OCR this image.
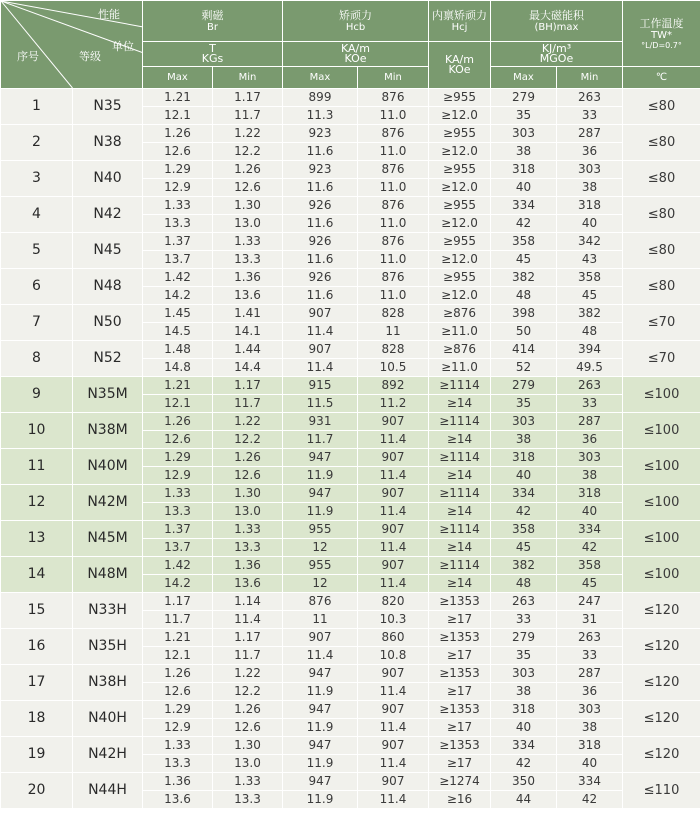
性能
单位
序号 等级		剩磁
Br		矫顽力
Hcb		内禀矫顽力
Hcj	最大磁能积
(BH)max		工作温度
TW*
°L/D=0.7°

		T
KGs		KA/m
KOe		KA/m
KOe	KJ/m³
MGOe		

		Max	Min	Max	Min		Max	Min	℃
1	N35	1.21	1.17	899	876	≥955	279	263	≤80
		12.1	11.7	11.3	11.0	≥12.0	35	33	
2	N38	1.26	1.22	923	876	≥955	303	287	≤80
		12.6	12.2	11.6	11.0	≥12.0	38	36	
3	N40	1.29	1.26	923	876	≥955	318	303	≤80
		12.9	12.6	11.6	11.0	≥12.0	40	38	
4	N42	1.33	1.30	926	876	≥955	334	318	≤80
		13.3	13.0	11.6	11.0	≥12.0	42	40	
5	N45	1.37	1.33	926	876	≥955	358	342	≤80
		13.7	13.3	11.6	11.0	≥12.0	45	43	
6	N48	1.42	1.36	926	876	≥955	382	358	≤80
		14.2	13.6	11.6	11.0	≥12.0	48	45	
7	N50	1.45	1.41	907	828	≥876	398	382	≤70
		14.5	14.1	11.4	11	≥11.0	50	48	
8	N52	1.48	1.44	907	828	≥876	414	394	≤70
		14.8	14.4	11.4	10.5	≥11.0	52	49.5	
9	N35M	1.21	1.17	915	892	≥1114	279	263	≤100
		12.1	11.7	11.5	11.2	≥14	35	33	
10	N38M	1.26	1.22	931	907	≥1114	303	287	≤100
		12.6	12.2	11.7	11.4	≥14	38	36	
11	N40M	1.29	1.26	947	907	≥1114	318	303	≤100
		12.9	12.6	11.9	11.4	≥14	40	38	
12	N42M	1.33	1.30	947	907	≥1114	334	318	≤100
		13.3	13.0	11.9	11.4	≥14	42	40	
13	N45M	1.37	1.33	955	907	≥1114	358	334	≤100
		13.7	13.3	12	11.4	≥14	45	42	
14	N48M	1.42	1.36	955	907	≥1114	382	358	≤100
		14.2	13.6	12	11.4	≥14	48	45	
15	N33H	1.17	1.14	876	820	≥1353	263	247	≤120
		11.7	11.4	11	10.3	≥17	33	31	
16	N35H	1.21	1.17	907	860	≥1353	279	263	≤120
		12.1	11.7	11.4	10.8	≥17	35	33	
17	N38H	1.26	1.22	947	907	≥1353	303	287	≤120
		12.6	12.2	11.9	11.4	≥17	38	36	
18	N40H	1.29	1.26	947	907	≥1353	318	303	≤120
		12.9	12.6	11.9	11.4	≥17	40	38	
19	N42H	1.33	1.30	947	907	≥1353	334	318	≤120
		13.3	13.0	11.9	11.4	≥17	42	40	
20	N44H	1.36	1.33	947	907	≥1274	350	334	≤110
		13.6	13.3	11.9	11.4	≥16	44	42	
